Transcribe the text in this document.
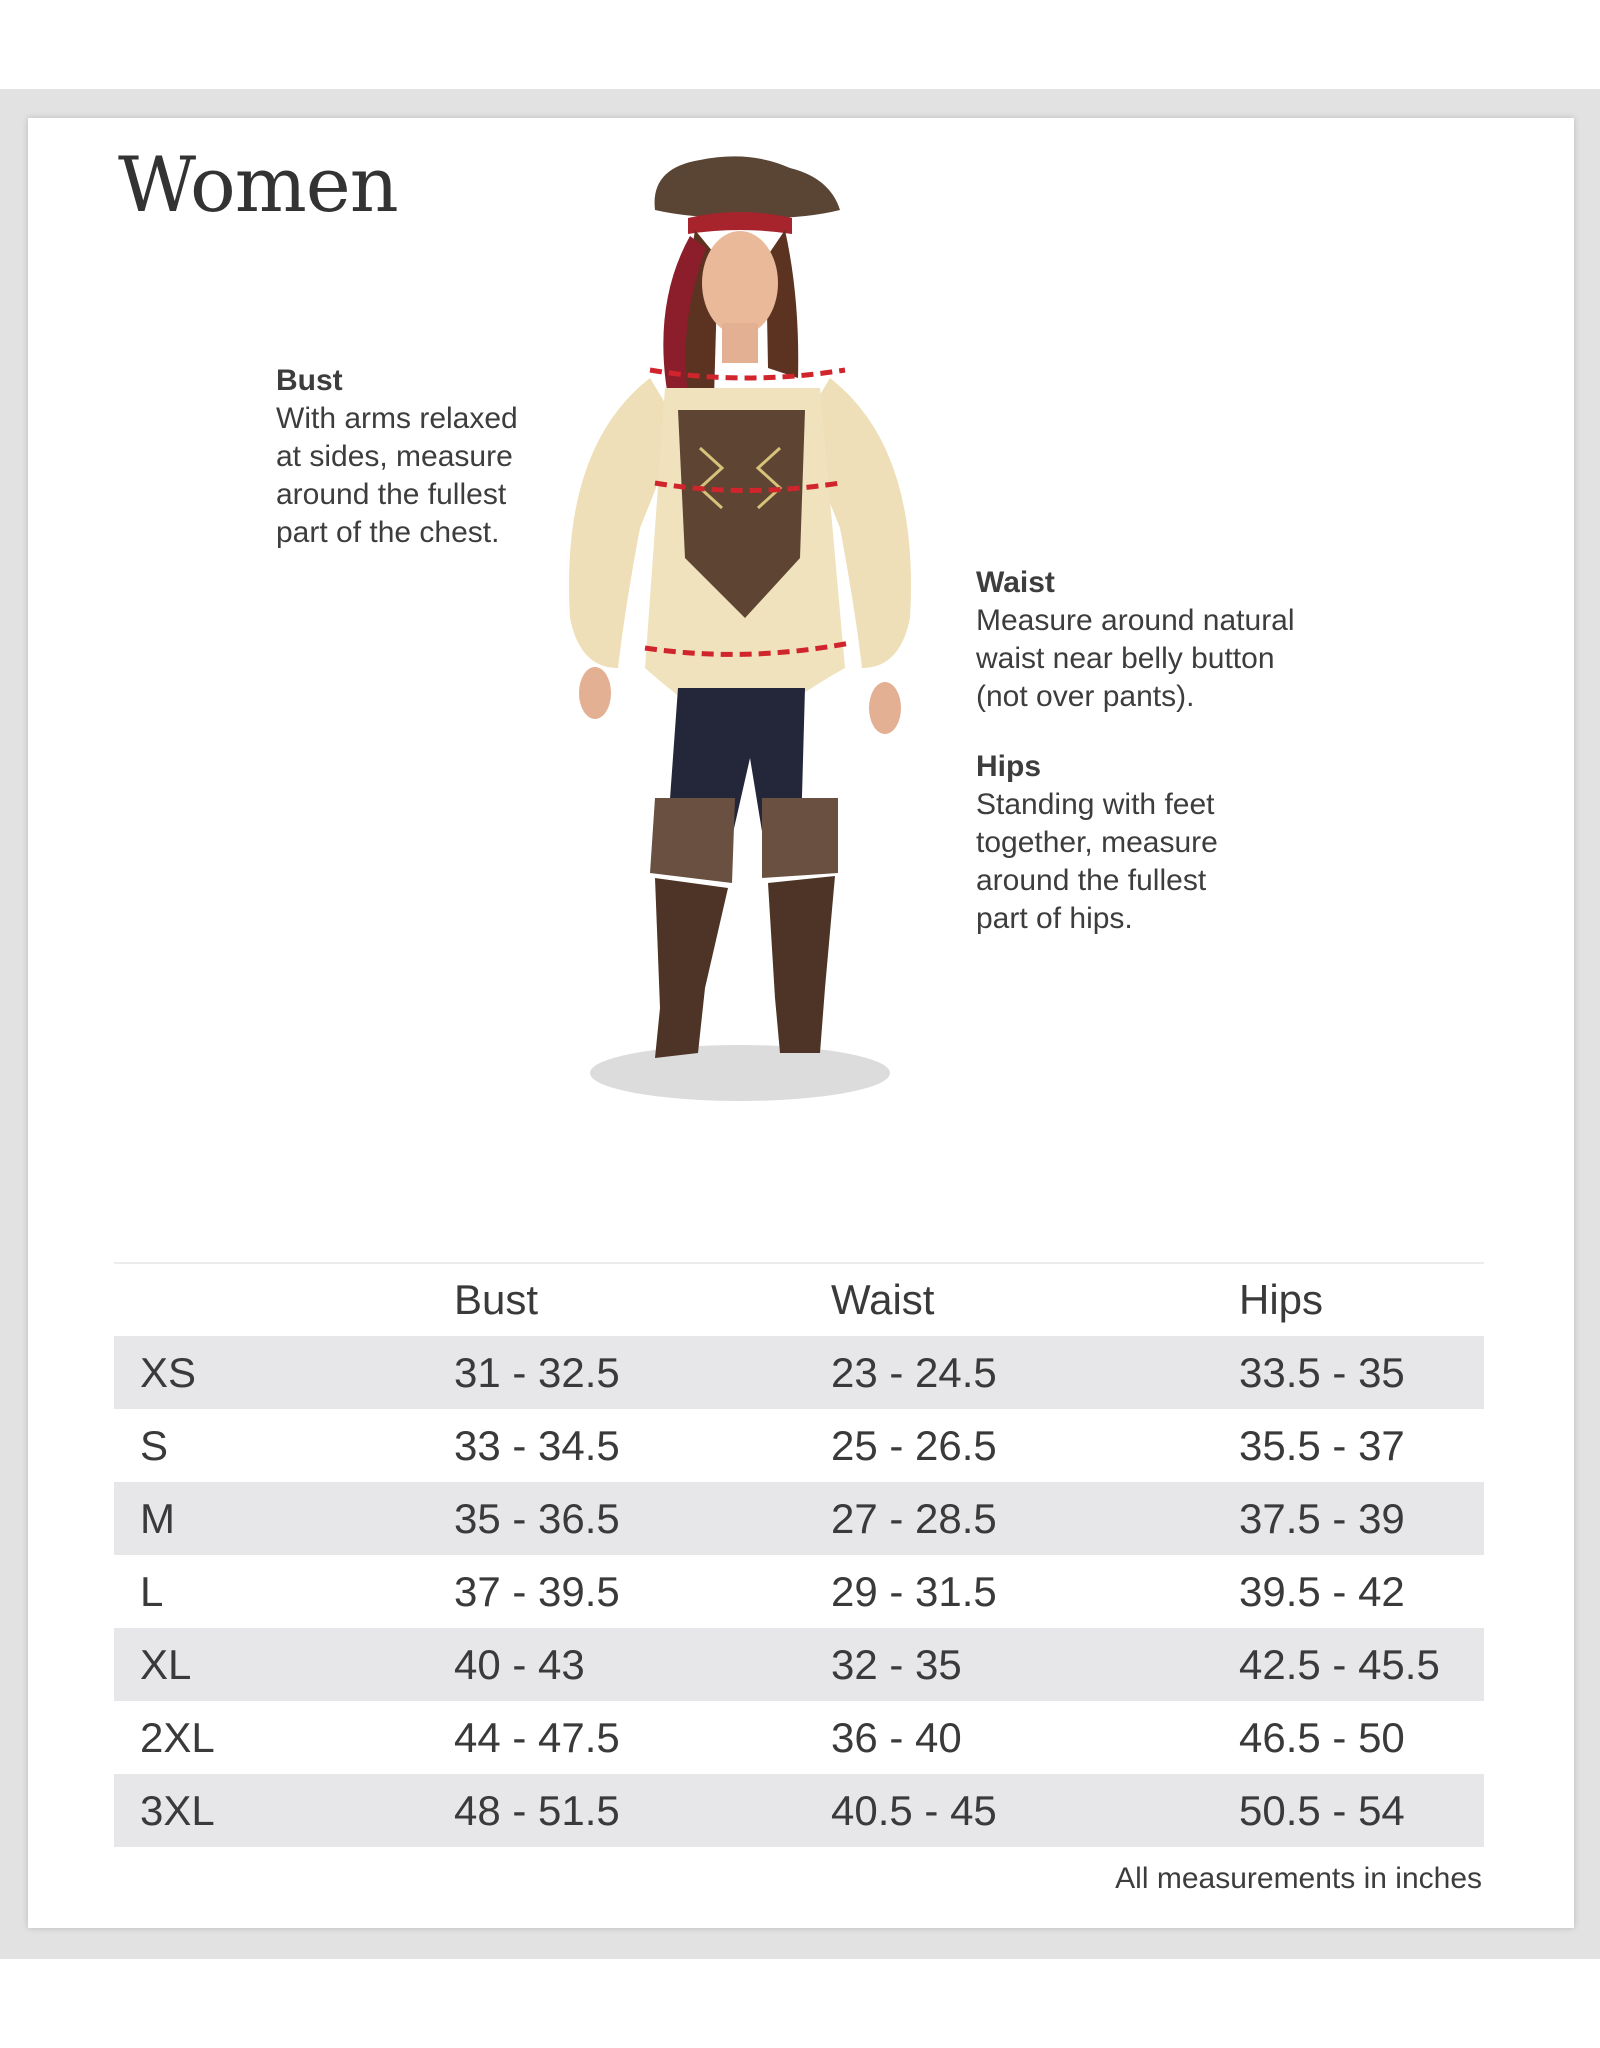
Women
Bust
With arms relaxed
at sides, measure
around the fullest
part of the chest.
Waist
Measure around natural
waist near belly button
(not over pants).
Hips
Standing with feet
together, measure
around the fullest
part of hips.
	Bust	Waist	Hips
XS	31 - 32.5	23 - 24.5	33.5 - 35
S	33 - 34.5	25 - 26.5	35.5 - 37
M	35 - 36.5	27 - 28.5	37.5 - 39
L	37 - 39.5	29 - 31.5	39.5 - 42
XL	40 - 43	32 - 35	42.5 - 45.5
2XL	44 - 47.5	36 - 40	46.5 - 50
3XL	48 - 51.5	40.5 - 45	50.5 - 54
All measurements in inches
